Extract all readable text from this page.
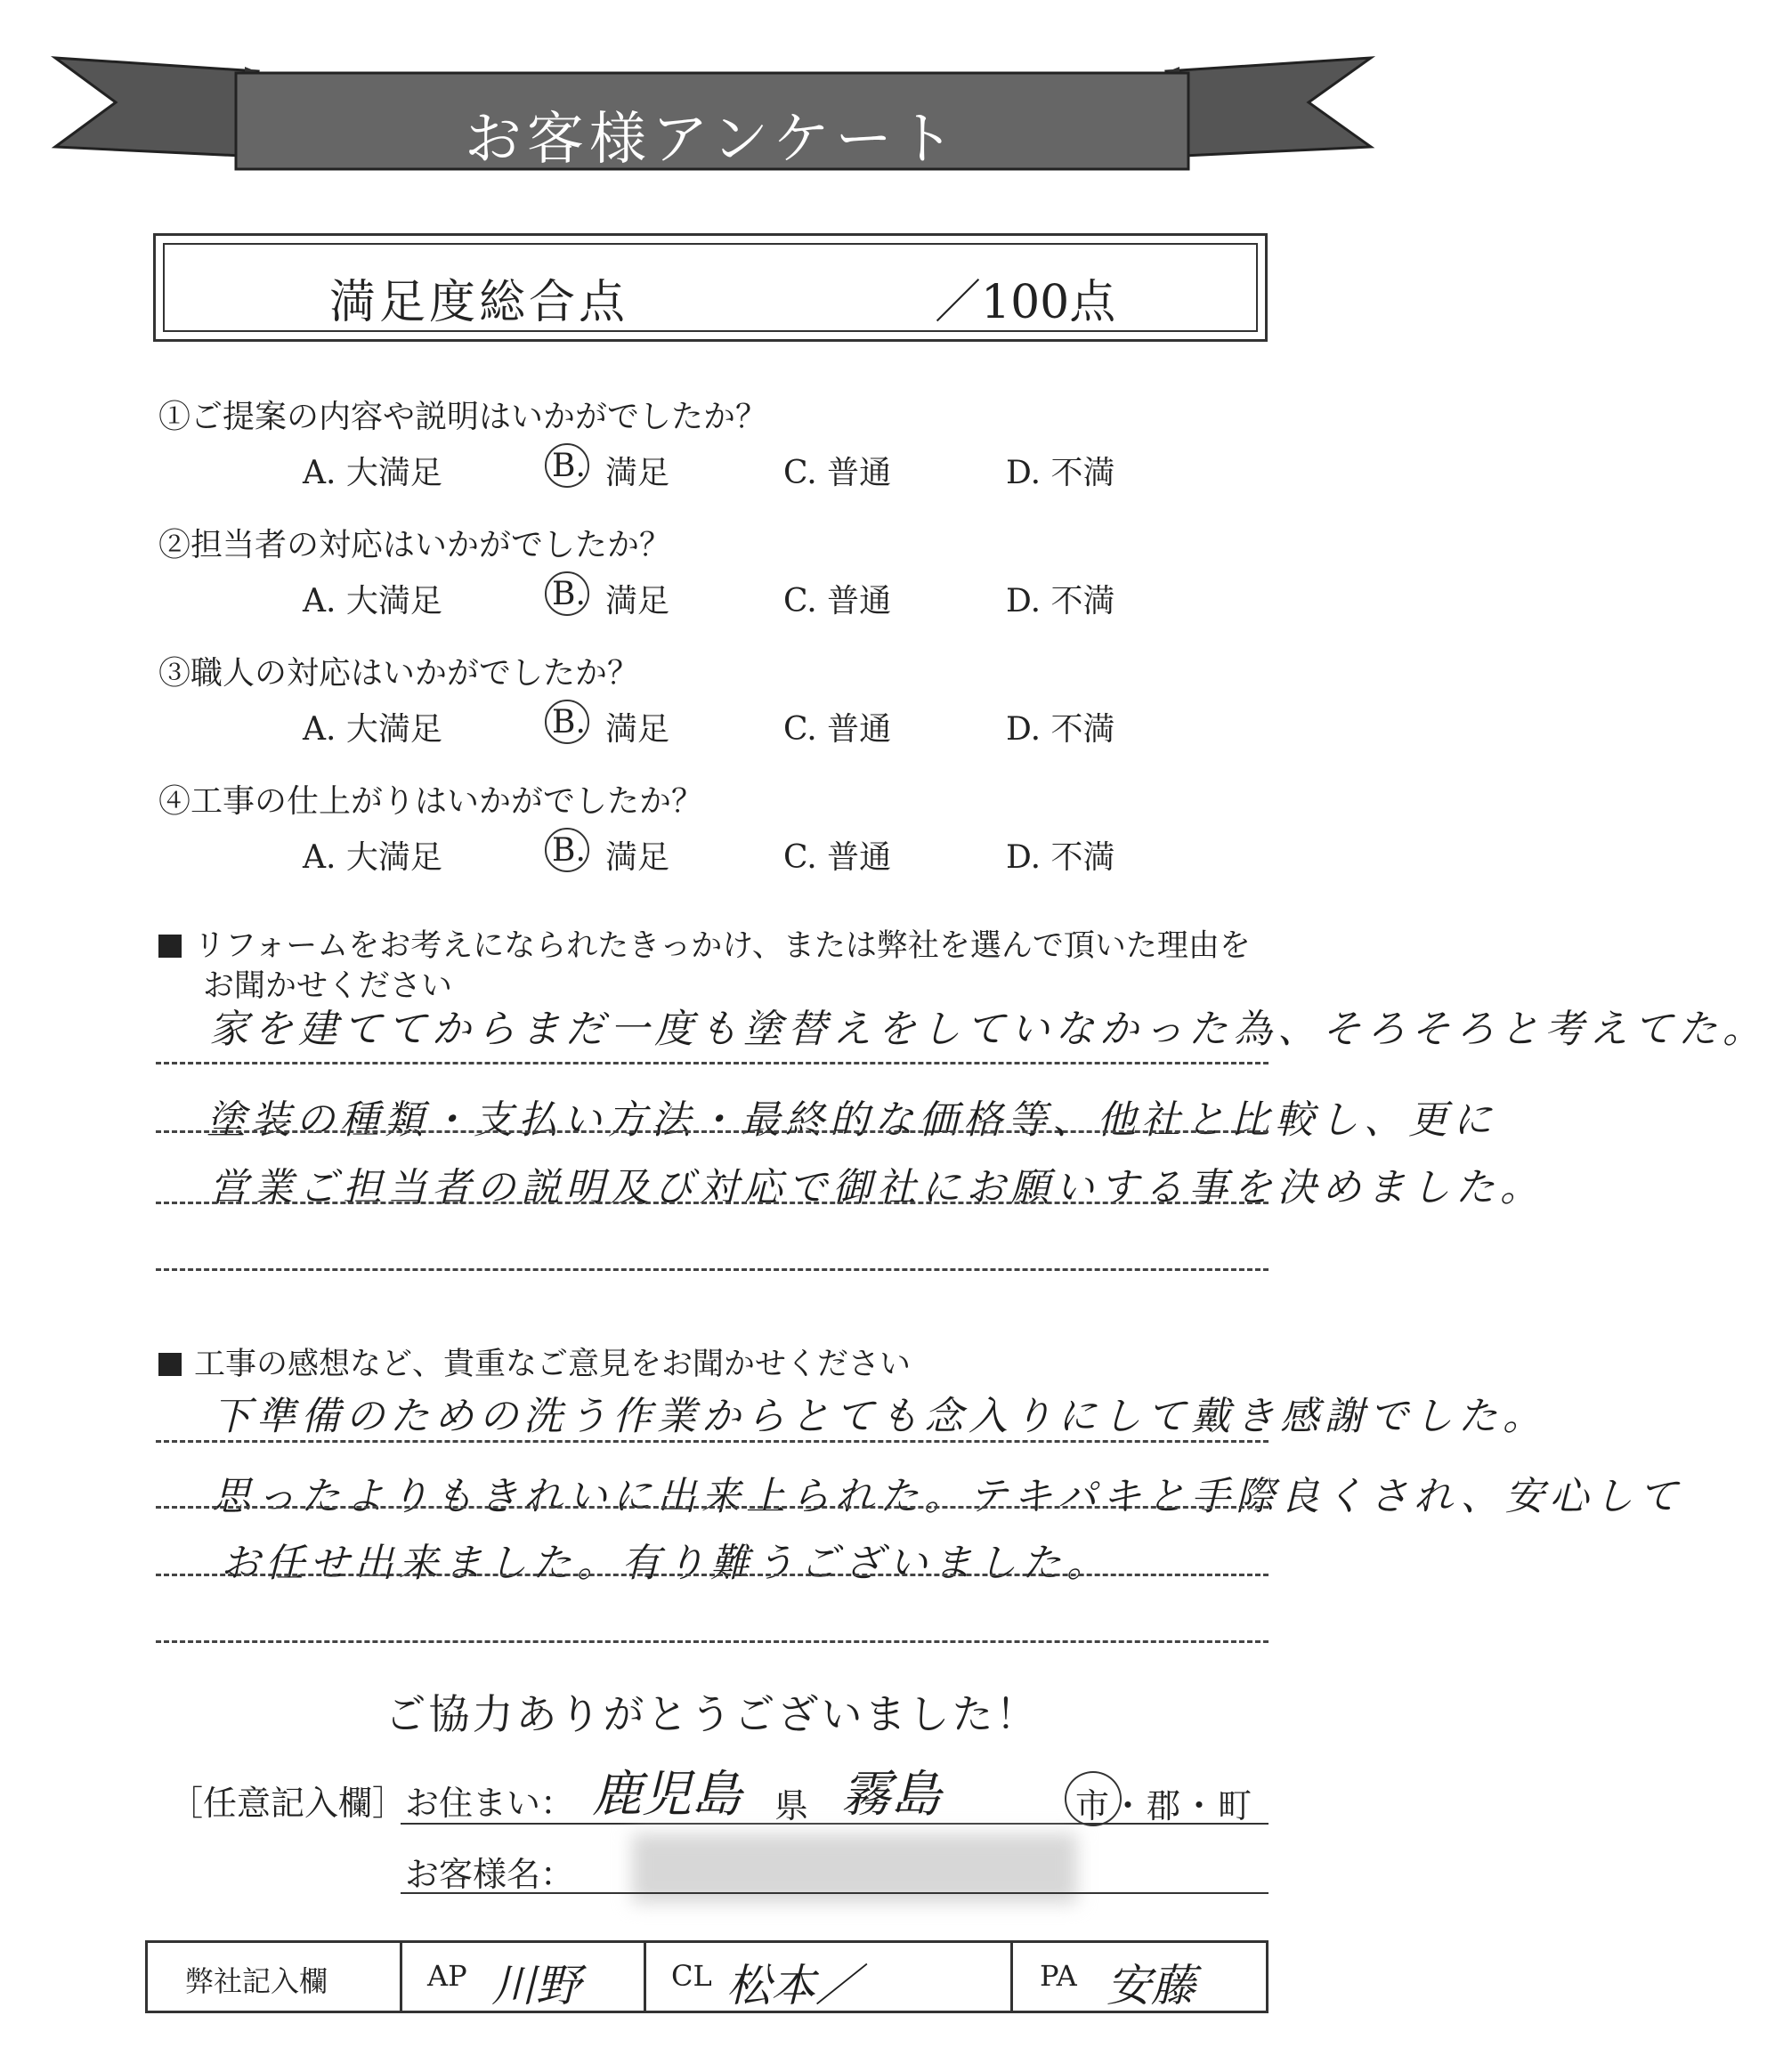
お客様アンケート
満足度総合点	／100点
①ご提案の内容や説明はいかがでしたか？
A. 大満足	B. 満足	C. 普通	D. 不満
②担当者の対応はいかがでしたか？
A. 大満足	B. 満足	C. 普通	D. 不満
③職人の対応はいかがでしたか？
A. 大満足	B. 満足	C. 普通	D. 不満
④工事の仕上がりはいかがでしたか？
A. 大満足	B. 満足	C. 普通	D. 不満
リフォームをお考えになられたきっかけ、または弊社を選んで頂いた理由を
お聞かせください
家を建ててからまだ一度も塗替えをしていなかった為、そろそろと考えてた。
塗装の種類・支払い方法・最終的な価格等、他社と比較し、更に
営業ご担当者の説明及び対応で御社にお願いする事を決めました。
工事の感想など、貴重なご意見をお聞かせください
下準備のための洗う作業からとても念入りにして戴き感謝でした。
思ったよりもきれいに出来上られた。テキパキと手際良くされ、安心して
お任せ出来ました。有り難うございました。
ご協力ありがとうございました！
［任意記入欄］
お住まい： 鹿児島 県 霧島	市・郡・町
お客様名：
弊社記入欄	AP 川野	CL 松本／	PA 安藤
